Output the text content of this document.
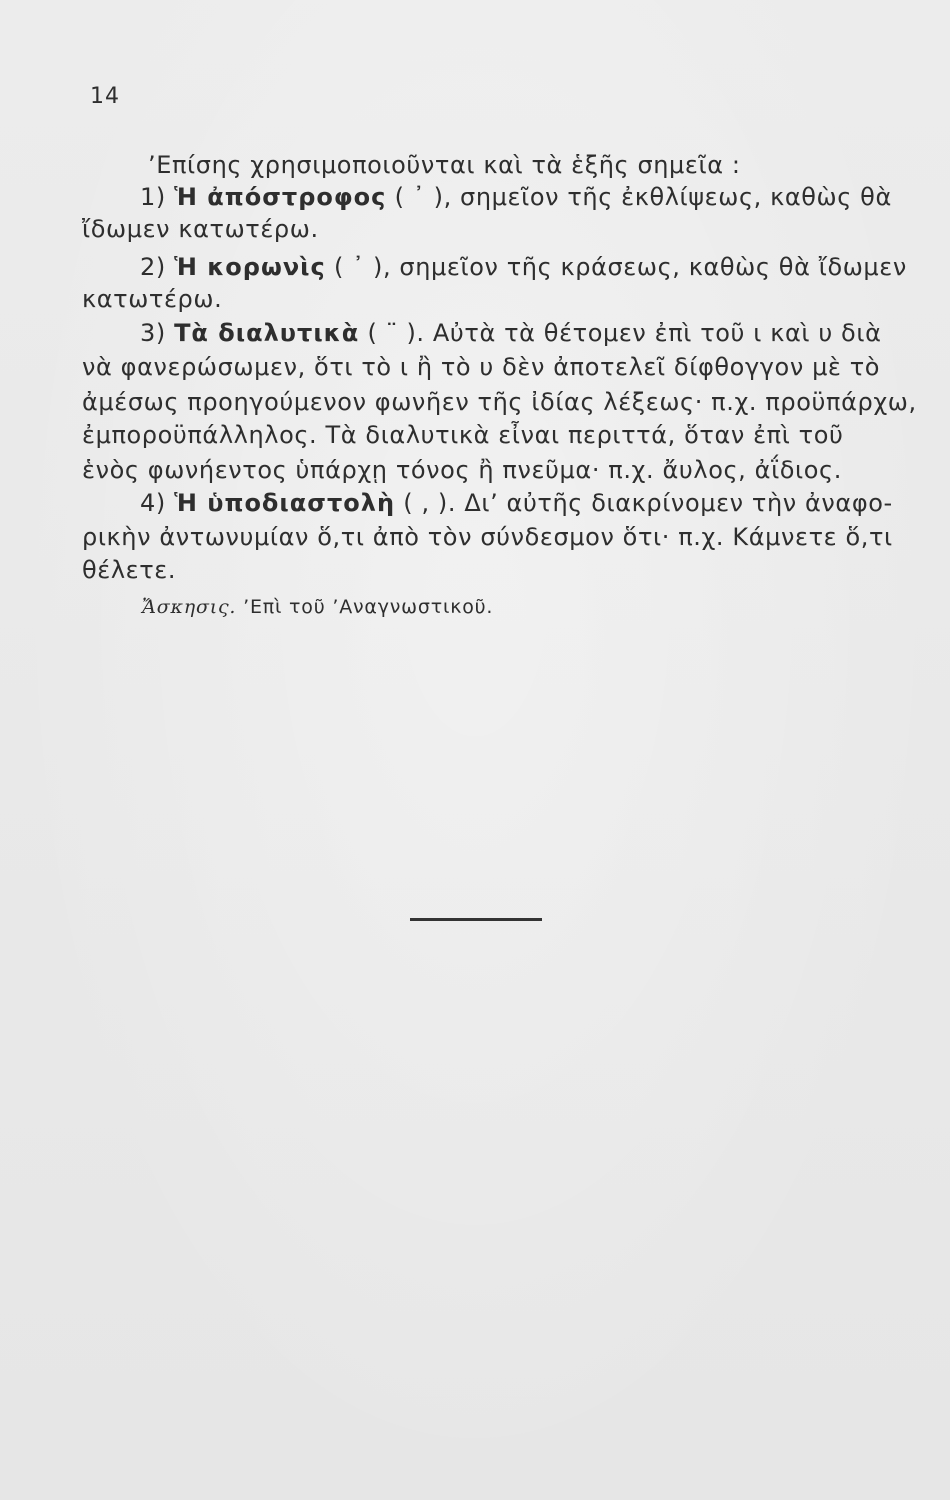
14
’Επίσης χρησιμοποιοῦνται καὶ τὰ ἑξῆς σημεῖα :
1) Ἡ ἀπόστροφος ( ᾿ ), σημεῖον τῆς ἐκθλίψεως, καθὼς θὰ
ἴδωμεν κατωτέρω.
2) Ἡ κορωνὶς ( ᾿ ), σημεῖον τῆς κράσεως, καθὼς θὰ ἴδωμεν
κατωτέρω.
3) Τὰ διαλυτικὰ ( ¨ ). Αὐτὰ τὰ θέτομεν ἐπὶ τοῦ ι καὶ υ διὰ
νὰ φανερώσωμεν, ὅτι τὸ ι ἢ τὸ υ δὲν ἀποτελεῖ δίφθογγον μὲ τὸ
ἀμέσως προηγούμενον φωνῆεν τῆς ἰδίας λέξεως· π.χ. προϋπάρχω,
ἐμποροϋπάλληλος. Τὰ διαλυτικὰ εἶναι περιττά, ὅταν ἐπὶ τοῦ
ἑνὸς φωνήεντος ὑπάρχῃ τόνος ἢ πνεῦμα· π.χ. ἄυλος, ἀΐδιος.
4) Ἡ ὑποδιαστολὴ ( , ). Δι’ αὐτῆς διακρίνομεν τὴν ἀναφο-
ρικὴν ἀντωνυμίαν ὅ,τι ἀπὸ τὸν σύνδεσμον ὅτι· π.χ. Κάμνετε ὅ,τι
θέλετε.
Ἄσκησις. ’Επὶ τοῦ ’Αναγνωστικοῦ.
